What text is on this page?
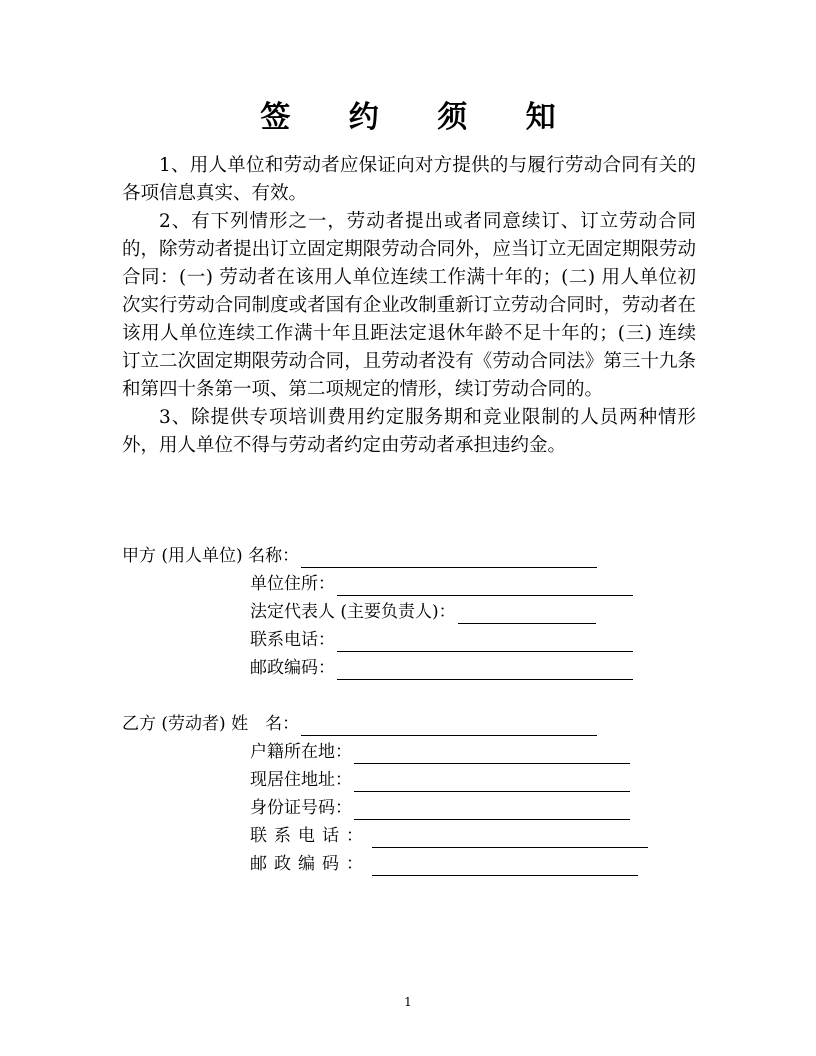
签 约 须 知

1、用人单位和劳动者应保证向对方提供的与履行劳动合同有关的各项信息真实、有效。

2、有下列情形之一，劳动者提出或者同意续订、订立劳动合同的，除劳动者提出订立固定期限劳动合同外，应当订立无固定期限劳动合同：(一) 劳动者在该用人单位连续工作满十年的；(二) 用人单位初次实行劳动合同制度或者国有企业改制重新订立劳动合同时，劳动者在该用人单位连续工作满十年且距法定退休年龄不足十年的；(三) 连续订立二次固定期限劳动合同，且劳动者没有《劳动合同法》第三十九条和第四十条第一项、第二项规定的情形，续订劳动合同的。

3、除提供专项培训费用约定服务期和竞业限制的人员两种情形外，用人单位不得与劳动者约定由劳动者承担违约金。

甲方 (用人单位) 名称：
单位住所：
法定代表人 (主要负责人)：
联系电话：
邮政编码：
乙方 (劳动者) 姓　名：
户籍所在地：
现居住地址：
身份证号码：
联系电话：
邮政编码：
1
